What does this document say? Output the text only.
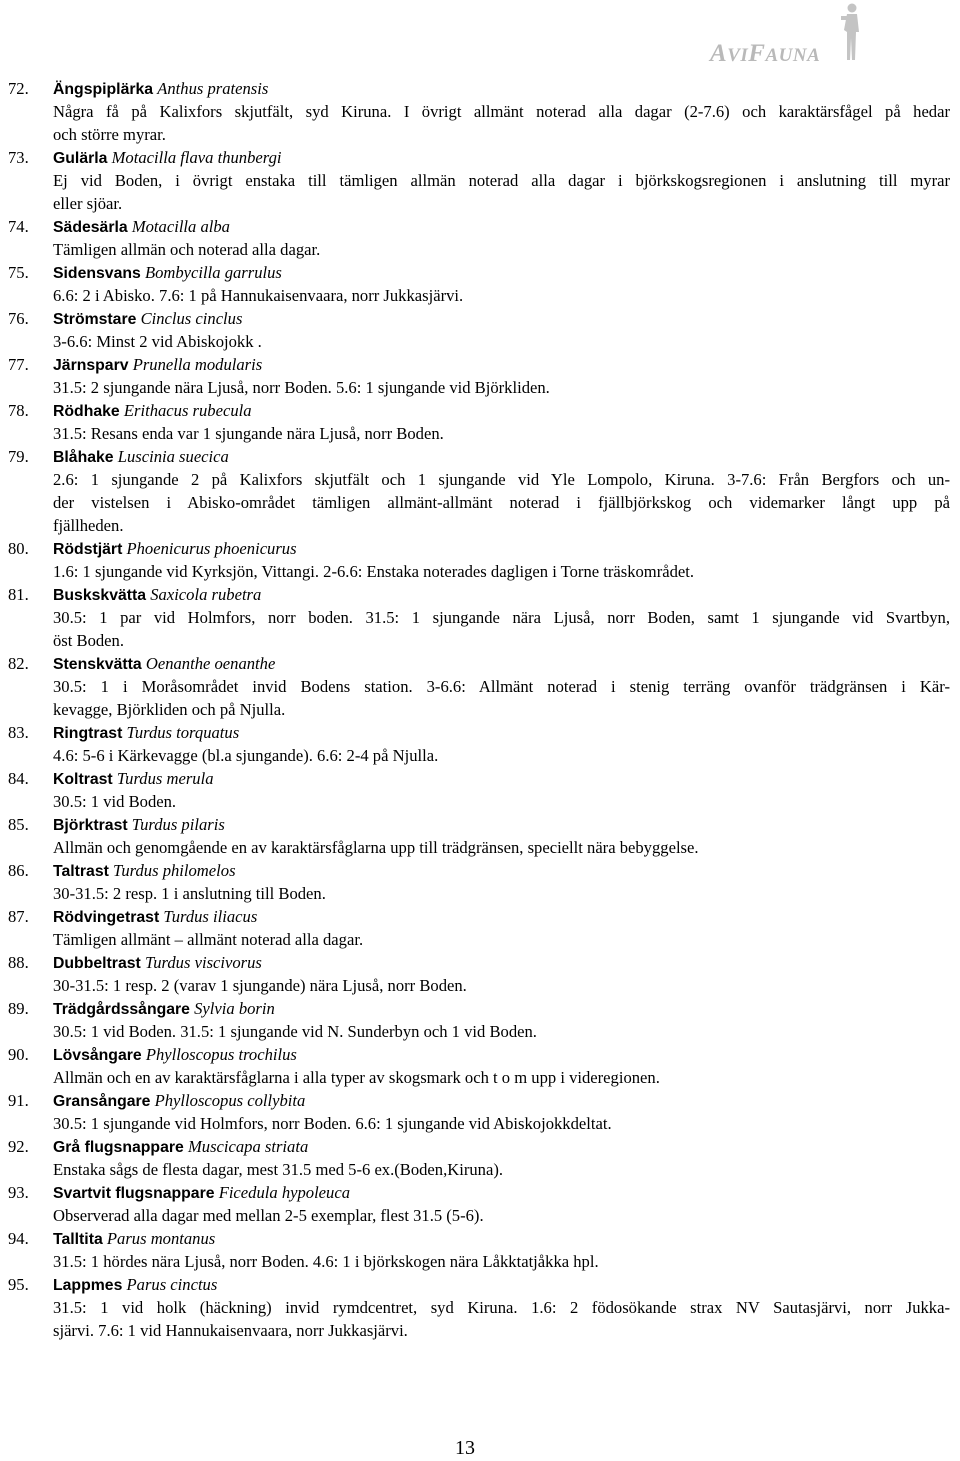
AVIFAUNA
72. Ängspiplärka Anthus pratensis
Några få på Kalixfors skjutfält, syd Kiruna. I övrigt allmänt noterad alla dagar (2-7.6) och karaktärsfågel på hedar
och större myrar.
73. Gulärla Motacilla flava thunbergi
Ej vid Boden, i övrigt enstaka till tämligen allmän noterad alla dagar i björkskogsregionen i anslutning till myrar
eller sjöar.
74. Sädesärla Motacilla alba
Tämligen allmän och noterad alla dagar.
75. Sidensvans Bombycilla garrulus
6.6: 2 i Abisko. 7.6: 1 på Hannukaisenvaara, norr Jukkasjärvi.
76. Strömstare Cinclus cinclus
3-6.6: Minst 2 vid Abiskojokk .
77. Järnsparv Prunella modularis
31.5: 2 sjungande nära Ljuså, norr Boden. 5.6: 1 sjungande vid Björkliden.
78. Rödhake Erithacus rubecula
31.5: Resans enda var 1 sjungande nära Ljuså, norr Boden.
79. Blåhake Luscinia suecica
2.6: 1 sjungande 2 på Kalixfors skjutfält och 1 sjungande vid Yle Lompolo, Kiruna. 3-7.6: Från Bergfors och un-
der vistelsen i Abisko-området tämligen allmänt-allmänt noterad i fjällbjörkskog och videmarker långt upp på
fjällheden.
80. Rödstjärt Phoenicurus phoenicurus
1.6: 1 sjungande vid Kyrksjön, Vittangi. 2-6.6: Enstaka noterades dagligen i Torne träskområdet.
81. Buskskvätta Saxicola rubetra
30.5: 1 par vid Holmfors, norr boden. 31.5: 1 sjungande nära Ljuså, norr Boden, samt 1 sjungande vid Svartbyn,
öst Boden.
82. Stenskvätta Oenanthe oenanthe
30.5: 1 i Moråsområdet invid Bodens station. 3-6.6: Allmänt noterad i stenig terräng ovanför trädgränsen i Kär-
kevagge, Björkliden och på Njulla.
83. Ringtrast Turdus torquatus
4.6: 5-6 i Kärkevagge (bl.a sjungande). 6.6: 2-4 på Njulla.
84. Koltrast Turdus merula
30.5: 1 vid Boden.
85. Björktrast Turdus pilaris
Allmän och genomgående en av karaktärsfåglarna upp till trädgränsen, speciellt nära bebyggelse.
86. Taltrast Turdus philomelos
30-31.5: 2 resp. 1 i anslutning till Boden.
87. Rödvingetrast Turdus iliacus
Tämligen allmänt – allmänt noterad alla dagar.
88. Dubbeltrast Turdus viscivorus
30-31.5: 1 resp. 2 (varav 1 sjungande) nära Ljuså, norr Boden.
89. Trädgårdssångare Sylvia borin
30.5: 1 vid Boden. 31.5: 1 sjungande vid N. Sunderbyn och 1 vid Boden.
90. Lövsångare Phylloscopus trochilus
Allmän och en av karaktärsfåglarna i alla typer av skogsmark och t o m upp i videregionen.
91. Gransångare Phylloscopus collybita
30.5: 1 sjungande vid Holmfors, norr Boden. 6.6: 1 sjungande vid Abiskojokkdeltat.
92. Grå flugsnappare Muscicapa striata
Enstaka sågs de flesta dagar, mest 31.5 med 5-6 ex.(Boden,Kiruna).
93. Svartvit flugsnappare Ficedula hypoleuca
Observerad alla dagar med mellan 2-5 exemplar, flest 31.5 (5-6).
94. Talltita Parus montanus
31.5: 1 hördes nära Ljuså, norr Boden. 4.6: 1 i björkskogen nära Låkktatjåkka hpl.
95. Lappmes Parus cinctus
31.5: 1 vid holk (häckning) invid rymdcentret, syd Kiruna. 1.6: 2 födosökande strax NV Sautasjärvi, norr Jukka-
sjärvi. 7.6: 1 vid Hannukaisenvaara, norr Jukkasjärvi.
13
